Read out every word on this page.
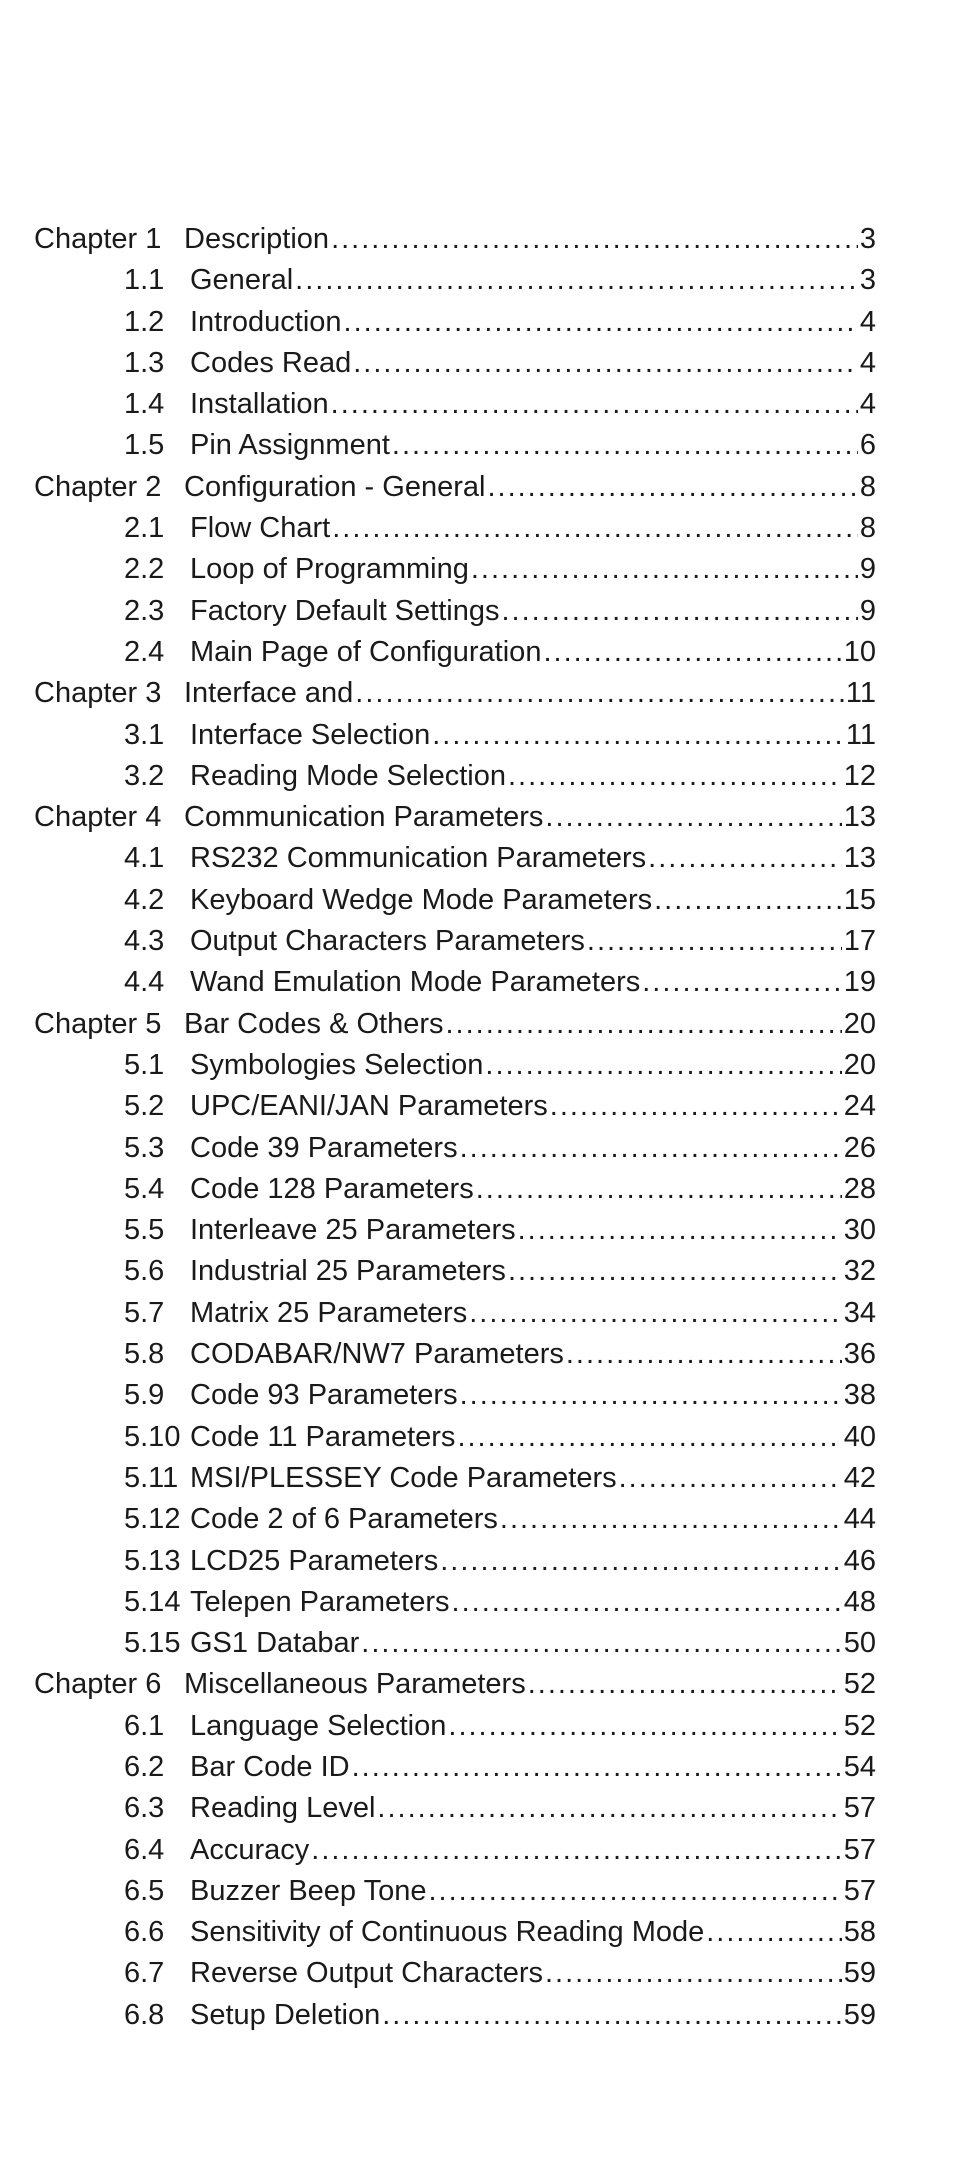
Chapter 1 Description .....	3
1.1 General .....	3
1.2 Introduction .....	4
1.3 Codes Read .....	4
1.4 Installation .....	4
1.5 Pin Assignment .....	6
Chapter 2 Configuration - General .....	8
2.1 Flow Chart .....	8
2.2 Loop of Programming .....	9
2.3 Factory Default Settings .....	9
2.4 Main Page of Configuration .....	10
Chapter 3 Interface and .....	11
3.1 Interface Selection .....	11
3.2 Reading Mode Selection .....	12
Chapter 4 Communication Parameters .....	13
4.1 RS232 Communication Parameters .....	13
4.2 Keyboard Wedge Mode Parameters .....	15
4.3 Output Characters Parameters .....	17
4.4 Wand Emulation Mode Parameters .....	19
Chapter 5 Bar Codes & Others .....	20
5.1 Symbologies Selection .....	20
5.2 UPC/EANI/JAN Parameters .....	24
5.3 Code 39 Parameters .....	26
5.4 Code 128 Parameters .....	28
5.5 Interleave 25 Parameters .....	30
5.6 Industrial 25 Parameters .....	32
5.7 Matrix 25 Parameters .....	34
5.8 CODABAR/NW7 Parameters .....	36
5.9 Code 93 Parameters .....	38
5.10 Code 11 Parameters .....	40
5.11 MSI/PLESSEY Code Parameters .....	42
5.12 Code 2 of 6 Parameters .....	44
5.13 LCD25 Parameters .....	46
5.14 Telepen Parameters .....	48
5.15 GS1 Databar .....	50
Chapter 6 Miscellaneous Parameters .....	52
6.1 Language Selection .....	52
6.2 Bar Code ID .....	54
6.3 Reading Level .....	57
6.4 Accuracy .....	57
6.5 Buzzer Beep Tone .....	57
6.6 Sensitivity of Continuous Reading Mode .....	58
6.7 Reverse Output Characters .....	59
6.8 Setup Deletion .....	59
